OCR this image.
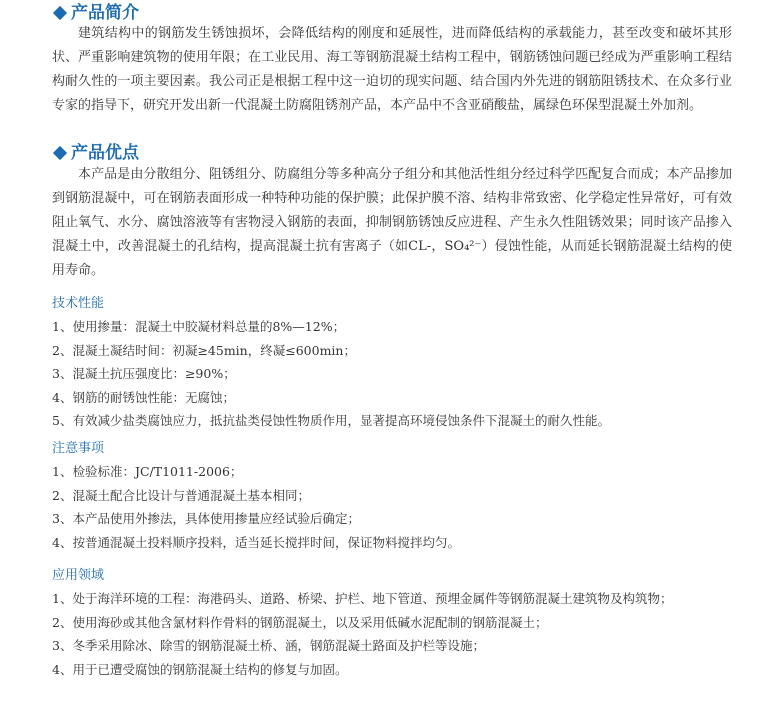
产品简介
建筑结构中的钢筋发生锈蚀损坏，会降低结构的刚度和延展性，进而降低结构的承载能力，甚至改变和破坏其形状、严重影响建筑物的使用年限；在工业民用、海工等钢筋混凝土结构工程中，钢筋锈蚀问题已经成为严重影响工程结构耐久性的一项主要因素。我公司正是根据工程中这一迫切的现实问题、结合国内外先进的钢筋阻锈技术、在众多行业专家的指导下，研究开发出新一代混凝土防腐阻锈剂产品，本产品中不含亚硝酸盐，属绿色环保型混凝土外加剂。
产品优点
本产品是由分散组分、阻锈组分、防腐组分等多种高分子组分和其他活性组分经过科学匹配复合而成；本产品掺加到钢筋混凝中，可在钢筋表面形成一种特种功能的保护膜；此保护膜不溶、结构非常致密、化学稳定性异常好，可有效阻止氧气、水分、腐蚀溶液等有害物浸入钢筋的表面，抑制钢筋锈蚀反应进程、产生永久性阻锈效果；同时该产品掺入混凝土中，改善混凝土的孔结构，提高混凝土抗有害离子（如CL-，SO₄²⁻）侵蚀性能，从而延长钢筋混凝土结构的使用寿命。
技术性能
1、使用掺量：混凝土中胶凝材料总量的8%—12%；
2、混凝土凝结时间：初凝≥45min，终凝≤600min；
3、混凝土抗压强度比：≥90%；
4、钢筋的耐锈蚀性能：无腐蚀；
5、有效减少盐类腐蚀应力，抵抗盐类侵蚀性物质作用，显著提高环境侵蚀条件下混凝土的耐久性能。
注意事项
1、检验标准：JC/T1011-2006；
2、混凝土配合比设计与普通混凝土基本相同；
3、本产品使用外掺法，具体使用掺量应经试验后确定；
4、按普通混凝土投料顺序投料，适当延长搅拌时间，保证物料搅拌均匀。
应用领域
1、处于海洋环境的工程：海港码头、道路、桥梁、护栏、地下管道、预埋金属件等钢筋混凝土建筑物及构筑物；
2、使用海砂或其他含氯材料作骨料的钢筋混凝土，以及采用低碱水泥配制的钢筋混凝土；
3、冬季采用除冰、除雪的钢筋混凝土桥、涵，钢筋混凝土路面及护栏等设施；
4、用于已遭受腐蚀的钢筋混凝土结构的修复与加固。
